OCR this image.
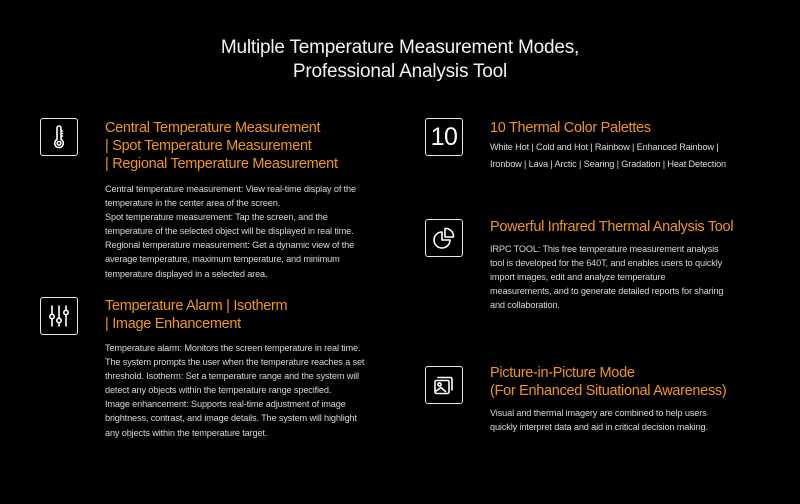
Multiple Temperature Measurement Modes,
Professional Analysis Tool
Central Temperature Measurement
| Spot Temperature Measurement
| Regional Temperature Measurement
Central temperature measurement: View real-time display of the
temperature in the center area of the screen.
Spot temperature measurement: Tap the screen, and the
temperature of the selected object will be displayed in real time.
Regional temperature measurement: Get a dynamic view of the
average temperature, maximum temperature, and minimum
temperature displayed in a selected area.
Temperature Alarm | Isotherm
| Image Enhancement
Temperature alarm: Monitors the screen temperature in real time.
The system prompts the user when the temperature reaches a set
threshold. Isotherm: Set a temperature range and the system will
detect any objects within the temperature range specified.
Image enhancement: Supports real-time adjustment of image
brightness, contrast, and image details. The system will highlight
any objects within the temperature target.
10 10 Thermal Color Palettes
White Hot | Cold and Hot | Rainbow | Enhanced Rainbow |
Ironbow | Lava | Arctic | Searing | Gradation | Heat Detection
Powerful Infrared Thermal Analysis Tool
IRPC TOOL: This free temperature measurement analysis
tool is developed for the 640T, and enables users to quickly
import images, edit and analyze temperature
measurements, and to generate detailed reports for sharing
and collaboration.
Picture-in-Picture Mode
(For Enhanced Situational Awareness)
Visual and thermal imagery are combined to help users
quickly interpret data and aid in critical decision making.
